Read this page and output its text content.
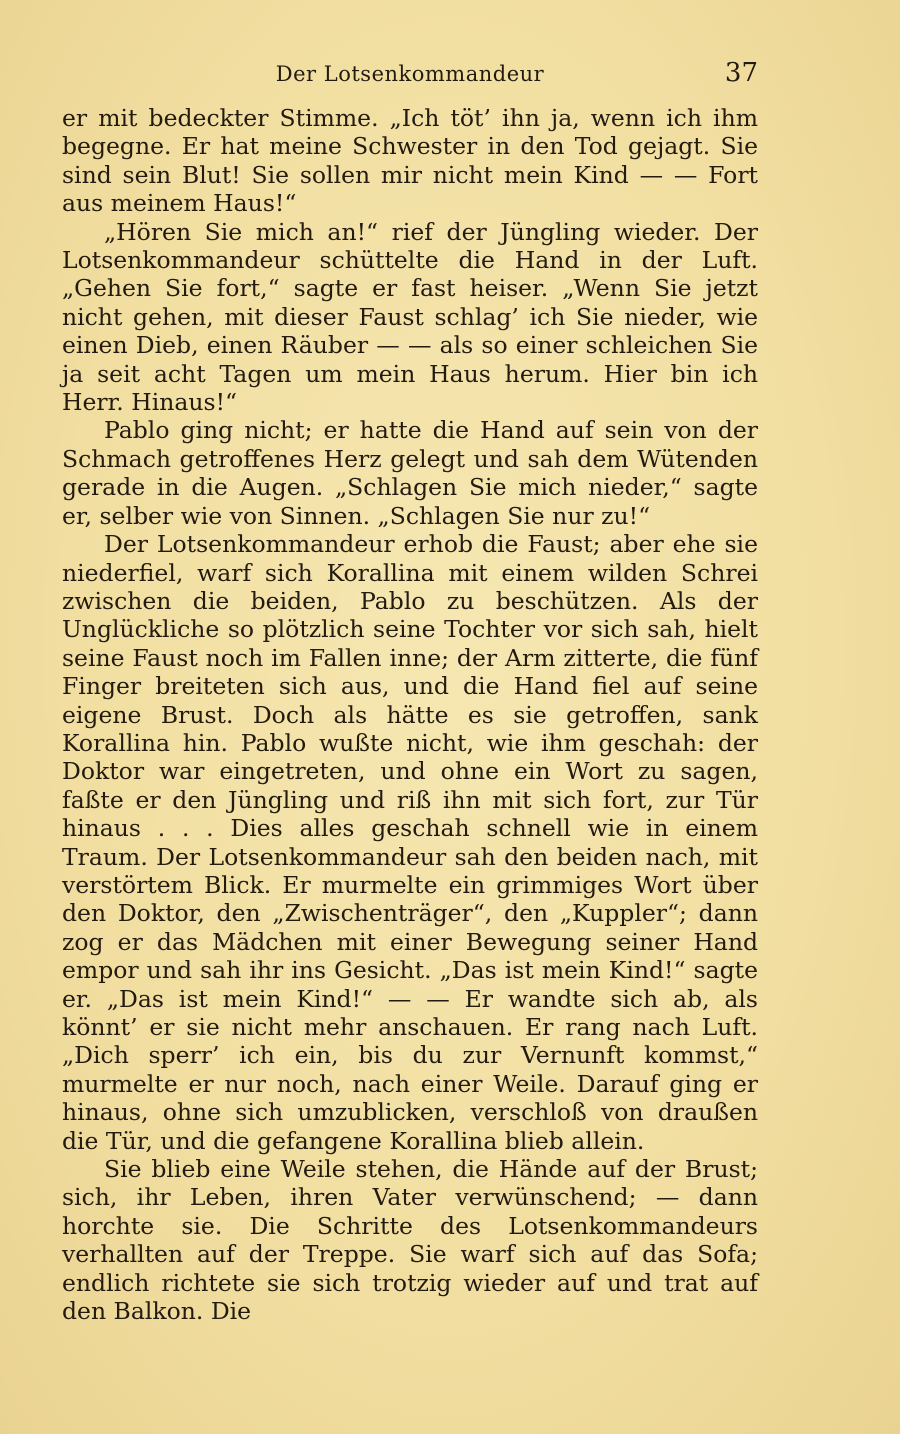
Der Lotsenkommandeur	37

er mit bedeckter Stimme. „Ich töt’ ihn ja, wenn ich ihm begegne. Er hat meine Schwester in den Tod gejagt. Sie sind sein Blut! Sie sollen mir nicht mein Kind — — Fort aus meinem Haus!“

„Hören Sie mich an!“ rief der Jüngling wieder. Der Lotsenkommandeur schüttelte die Hand in der Luft. „Gehen Sie fort,“ sagte er fast heiser. „Wenn Sie jetzt nicht gehen, mit dieser Faust schlag’ ich Sie nieder, wie einen Dieb, einen Räuber — — als so einer schleichen Sie ja seit acht Tagen um mein Haus herum. Hier bin ich Herr. Hinaus!“

Pablo ging nicht; er hatte die Hand auf sein von der Schmach getroffenes Herz gelegt und sah dem Wütenden gerade in die Augen. „Schlagen Sie mich nieder,“ sagte er, selber wie von Sinnen. „Schlagen Sie nur zu!“

Der Lotsenkommandeur erhob die Faust; aber ehe sie niederfiel, warf sich Korallina mit einem wilden Schrei zwischen die beiden, Pablo zu beschützen. Als der Unglückliche so plötzlich seine Tochter vor sich sah, hielt seine Faust noch im Fallen inne; der Arm zitterte, die fünf Finger breiteten sich aus, und die Hand fiel auf seine eigene Brust. Doch als hätte es sie getroffen, sank Korallina hin. Pablo wußte nicht, wie ihm geschah: der Doktor war eingetreten, und ohne ein Wort zu sagen, faßte er den Jüngling und riß ihn mit sich fort, zur Tür hinaus . . . Dies alles geschah schnell wie in einem Traum. Der Lotsenkommandeur sah den beiden nach, mit verstörtem Blick. Er murmelte ein grimmiges Wort über den Doktor, den „Zwischenträger“, den „Kuppler“; dann zog er das Mädchen mit einer Bewegung seiner Hand empor und sah ihr ins Gesicht. „Das ist mein Kind!“ sagte er. „Das ist mein Kind!“ — — Er wandte sich ab, als könnt’ er sie nicht mehr anschauen. Er rang nach Luft. „Dich sperr’ ich ein, bis du zur Vernunft kommst,“ murmelte er nur noch, nach einer Weile. Darauf ging er hinaus, ohne sich umzublicken, verschloß von draußen die Tür, und die gefangene Korallina blieb allein.

Sie blieb eine Weile stehen, die Hände auf der Brust; sich, ihr Leben, ihren Vater verwünschend; — dann horchte sie. Die Schritte des Lotsenkommandeurs verhallten auf der Treppe. Sie warf sich auf das Sofa; endlich richtete sie sich trotzig wieder auf und trat auf den Balkon. Die
